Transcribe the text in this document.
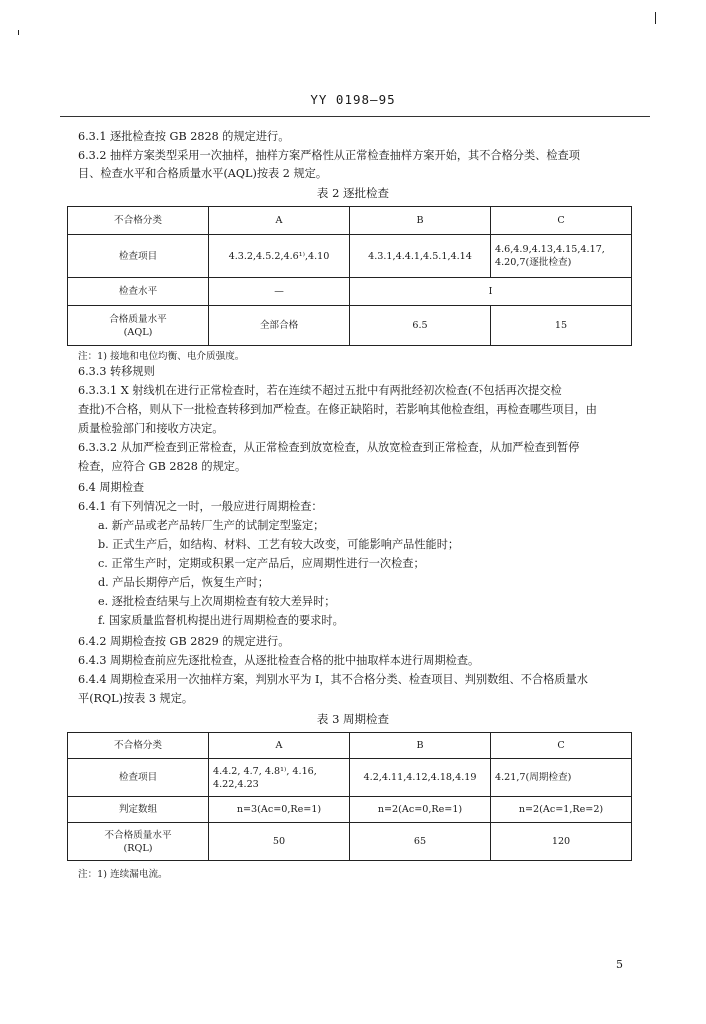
YY 0198—95
6.3.1 逐批检查按 GB 2828 的规定进行。
6.3.2 抽样方案类型采用一次抽样，抽样方案严格性从正常检查抽样方案开始，其不合格分类、检查项
目、检查水平和合格质量水平(AQL)按表 2 规定。
表 2 逐批检查
不合格分类	A	B	C
检查项目	4.3.2,4.5.2,4.6¹⁾,4.10	4.3.1,4.4.1,4.5.1,4.14	4.6,4.9,4.13,4.15,4.17,
4.20,7(逐批检查)

检查水平	—	I	

合格质量水平
(AQL)	全部合格	6.5	15
注：1) 接地和电位均衡、电介质强度。
6.3.3 转移规则
6.3.3.1 X 射线机在进行正常检查时，若在连续不超过五批中有两批经初次检查(不包括再次提交检
查批)不合格，则从下一批检查转移到加严检查。在修正缺陷时，若影响其他检查组，再检查哪些项目，由
质量检验部门和接收方决定。
6.3.3.2 从加严检查到正常检查，从正常检查到放宽检查，从放宽检查到正常检查，从加严检查到暂停
检查，应符合 GB 2828 的规定。
6.4 周期检查
6.4.1 有下列情况之一时，一般应进行周期检查：
a. 新产品或老产品转厂生产的试制定型鉴定；
b. 正式生产后，如结构、材料、工艺有较大改变，可能影响产品性能时；
c. 正常生产时，定期或积累一定产品后，应周期性进行一次检查；
d. 产品长期停产后，恢复生产时；
e. 逐批检查结果与上次周期检查有较大差异时；
f. 国家质量监督机构提出进行周期检查的要求时。
6.4.2 周期检查按 GB 2829 的规定进行。
6.4.3 周期检查前应先逐批检查，从逐批检查合格的批中抽取样本进行周期检查。
6.4.4 周期检查采用一次抽样方案，判别水平为 I，其不合格分类、检查项目、判别数组、不合格质量水
平(RQL)按表 3 规定。
表 3 周期检查
不合格分类	A	B	C
检查项目	4.4.2, 4.7, 4.8¹⁾, 4.16,
4.22,4.23	4.2,4.11,4.12,4.18,4.19	4.21,7(周期检查)
判定数组	n=3(Ac=0,Re=1)	n=2(Ac=0,Re=1)	n=2(Ac=1,Re=2)

不合格质量水平
(RQL)	50	65	120
注：1) 连续漏电流。
5
